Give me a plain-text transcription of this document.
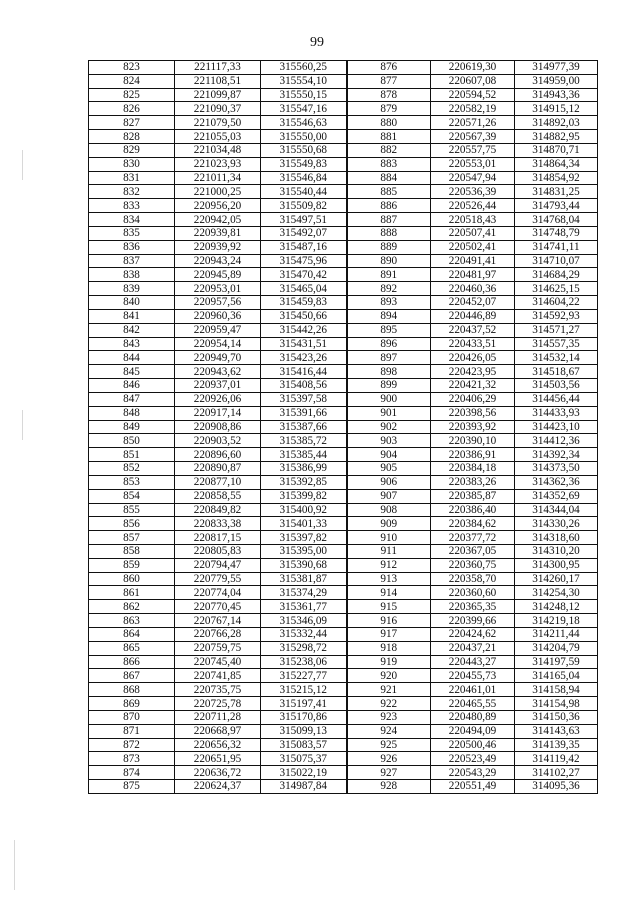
99
823	221117,33	315560,25	876	220619,30	314977,39
824	221108,51	315554,10	877	220607,08	314959,00
825	221099,87	315550,15	878	220594,52	314943,36
826	221090,37	315547,16	879	220582,19	314915,12
827	221079,50	315546,63	880	220571,26	314892,03
828	221055,03	315550,00	881	220567,39	314882,95
829	221034,48	315550,68	882	220557,75	314870,71
830	221023,93	315549,83	883	220553,01	314864,34
831	221011,34	315546,84	884	220547,94	314854,92
832	221000,25	315540,44	885	220536,39	314831,25
833	220956,20	315509,82	886	220526,44	314793,44
834	220942,05	315497,51	887	220518,43	314768,04
835	220939,81	315492,07	888	220507,41	314748,79
836	220939,92	315487,16	889	220502,41	314741,11
837	220943,24	315475,96	890	220491,41	314710,07
838	220945,89	315470,42	891	220481,97	314684,29
839	220953,01	315465,04	892	220460,36	314625,15
840	220957,56	315459,83	893	220452,07	314604,22
841	220960,36	315450,66	894	220446,89	314592,93
842	220959,47	315442,26	895	220437,52	314571,27
843	220954,14	315431,51	896	220433,51	314557,35
844	220949,70	315423,26	897	220426,05	314532,14
845	220943,62	315416,44	898	220423,95	314518,67
846	220937,01	315408,56	899	220421,32	314503,56
847	220926,06	315397,58	900	220406,29	314456,44
848	220917,14	315391,66	901	220398,56	314433,93
849	220908,86	315387,66	902	220393,92	314423,10
850	220903,52	315385,72	903	220390,10	314412,36
851	220896,60	315385,44	904	220386,91	314392,34
852	220890,87	315386,99	905	220384,18	314373,50
853	220877,10	315392,85	906	220383,26	314362,36
854	220858,55	315399,82	907	220385,87	314352,69
855	220849,82	315400,92	908	220386,40	314344,04
856	220833,38	315401,33	909	220384,62	314330,26
857	220817,15	315397,82	910	220377,72	314318,60
858	220805,83	315395,00	911	220367,05	314310,20
859	220794,47	315390,68	912	220360,75	314300,95
860	220779,55	315381,87	913	220358,70	314260,17
861	220774,04	315374,29	914	220360,60	314254,30
862	220770,45	315361,77	915	220365,35	314248,12
863	220767,14	315346,09	916	220399,66	314219,18
864	220766,28	315332,44	917	220424,62	314211,44
865	220759,75	315298,72	918	220437,21	314204,79
866	220745,40	315238,06	919	220443,27	314197,59
867	220741,85	315227,77	920	220455,73	314165,04
868	220735,75	315215,12	921	220461,01	314158,94
869	220725,78	315197,41	922	220465,55	314154,98
870	220711,28	315170,86	923	220480,89	314150,36
871	220668,97	315099,13	924	220494,09	314143,63
872	220656,32	315083,57	925	220500,46	314139,35
873	220651,95	315075,37	926	220523,49	314119,42
874	220636,72	315022,19	927	220543,29	314102,27
875	220624,37	314987,84	928	220551,49	314095,36
